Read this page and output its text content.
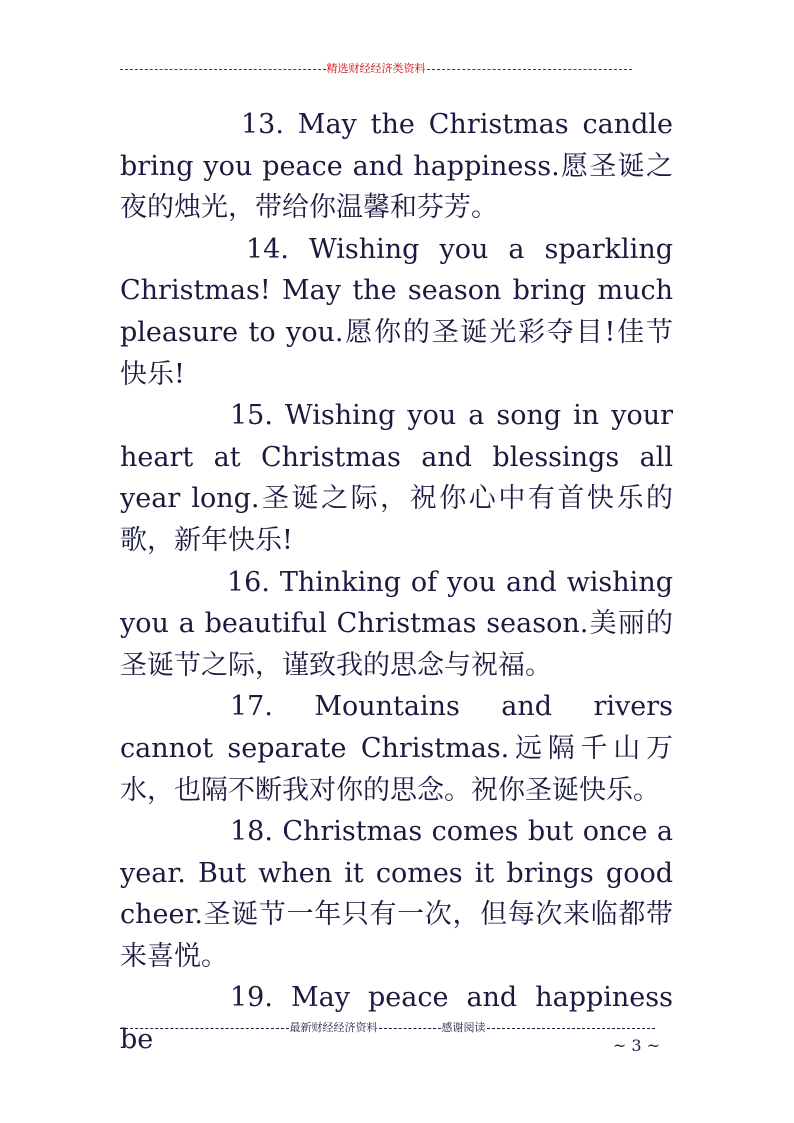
精选财经经济类资料

13. May the Christmas candle bring you peace and happiness.愿圣诞之夜的烛光，带给你温馨和芬芳。

14. Wishing you a sparkling Christmas! May the season bring much pleasure to you.愿你的圣诞光彩夺目!佳节快乐!

15. Wishing you a song in your heart at Christmas and blessings all year long.圣诞之际，祝你心中有首快乐的歌，新年快乐!

16. Thinking of you and wishing you a beautiful Christmas season.美丽的圣诞节之际，谨致我的思念与祝福。

17. Mountains and rivers cannot separate Christmas.远隔千山万水，也隔不断我对你的思念。祝你圣诞快乐。

18. Christmas comes but once a year. But when it comes it brings good cheer.圣诞节一年只有一次，但每次来临都带来喜悦。

19. May peace and happiness be	最新财经经济资料	感谢阅读
~ 3 ~
